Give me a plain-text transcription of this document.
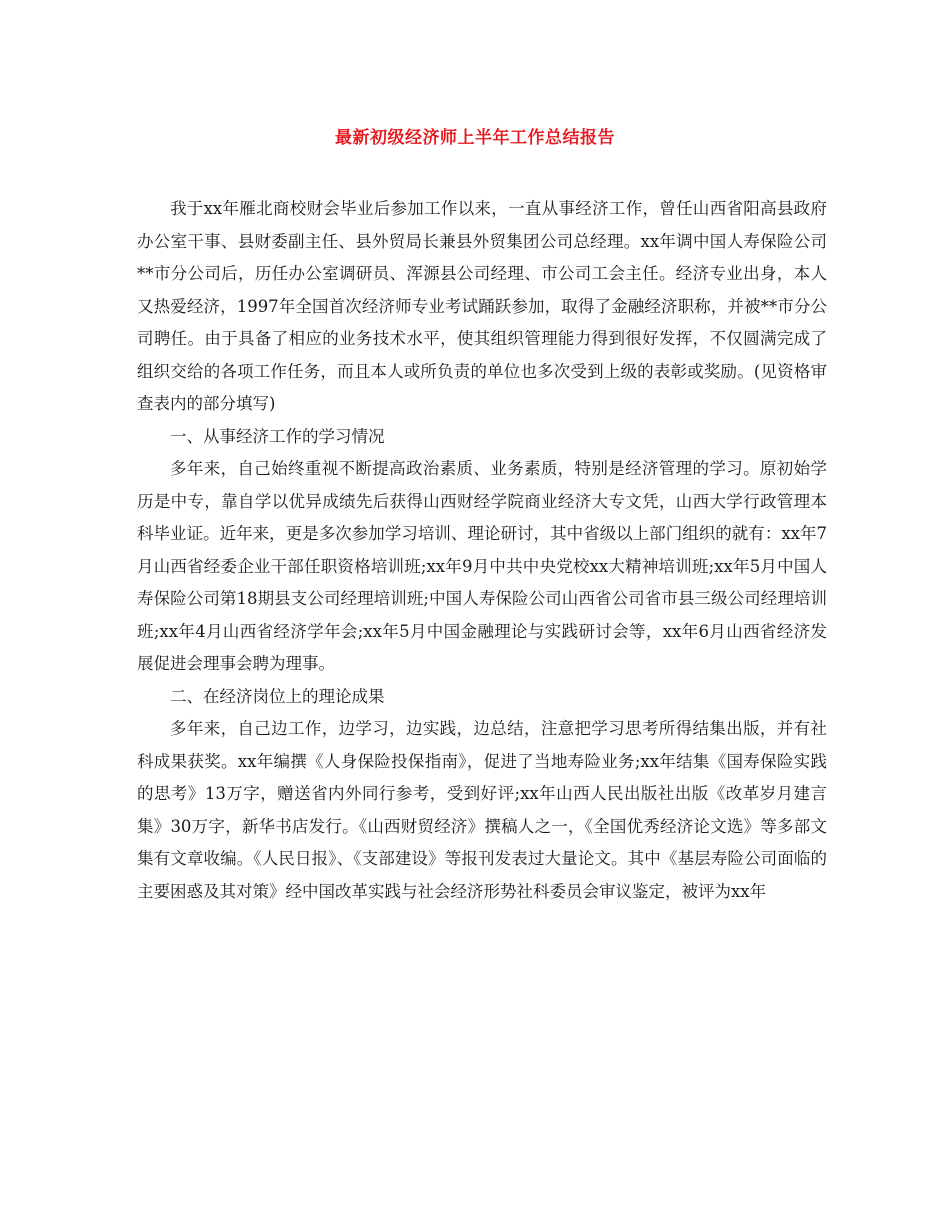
最新初级经济师上半年工作总结报告

我于xx年雁北商校财会毕业后参加工作以来，一直从事经济工作，曾任山西省阳高县政府办公室干事、县财委副主任、县外贸局长兼县外贸集团公司总经理。xx年调中国人寿保险公司**市分公司后，历任办公室调研员、浑源县公司经理、市公司工会主任。经济专业出身，本人又热爱经济，1997年全国首次经济师专业考试踊跃参加，取得了金融经济职称，并被**市分公司聘任。由于具备了相应的业务技术水平，使其组织管理能力得到很好发挥，不仅圆满完成了组织交给的各项工作任务，而且本人或所负责的单位也多次受到上级的表彰或奖励。(见资格审查表内的部分填写)

一、从事经济工作的学习情况

多年来，自己始终重视不断提高政治素质、业务素质，特别是经济管理的学习。原初始学历是中专，靠自学以优异成绩先后获得山西财经学院商业经济大专文凭，山西大学行政管理本科毕业证。近年来，更是多次参加学习培训、理论研讨，其中省级以上部门组织的就有：xx年7月山西省经委企业干部任职资格培训班;xx年9月中共中央党校xx大精神培训班;xx年5月中国人寿保险公司第18期县支公司经理培训班;中国人寿保险公司山西省公司省市县三级公司经理培训班;xx年4月山西省经济学年会;xx年5月中国金融理论与实践研讨会等，xx年6月山西省经济发展促进会理事会聘为理事。

二、在经济岗位上的理论成果

多年来，自己边工作，边学习，边实践，边总结，注意把学习思考所得结集出版，并有社科成果获奖。xx年编撰《人身保险投保指南》，促进了当地寿险业务;xx年结集《国寿保险实践的思考》13万字，赠送省内外同行参考，受到好评;xx年山西人民出版社出版《改革岁月建言集》30万字，新华书店发行。《山西财贸经济》撰稿人之一，《全国优秀经济论文选》等多部文集有文章收编。《人民日报》、《支部建设》等报刊发表过大量论文。其中《基层寿险公司面临的主要困惑及其对策》经中国改革实践与社会经济形势社科委员会审议鉴定，被评为xx年
